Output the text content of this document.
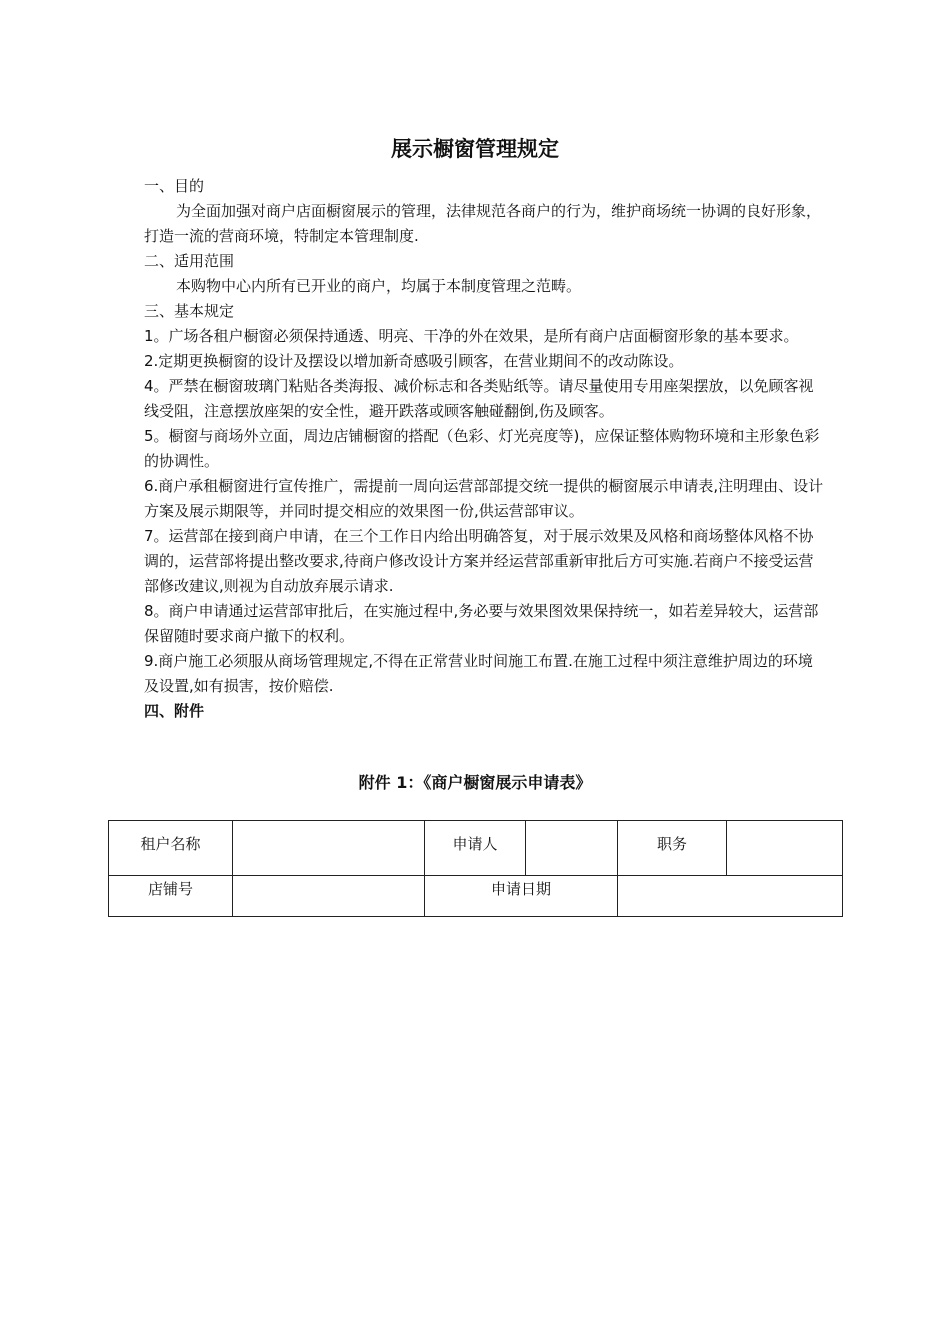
展示橱窗管理规定

一、目的

为全面加强对商户店面橱窗展示的管理，法律规范各商户的行为，维护商场统一协调的良好形象，打造一流的营商环境，特制定本管理制度.

二、适用范围

本购物中心内所有已开业的商户，均属于本制度管理之范畴。

三、基本规定

1。广场各租户橱窗必须保持通透、明亮、干净的外在效果，是所有商户店面橱窗形象的基本要求。

2.定期更换橱窗的设计及摆设以增加新奇感吸引顾客，在营业期间不的改动陈设。

4。严禁在橱窗玻璃门粘贴各类海报、减价标志和各类贴纸等。请尽量使用专用座架摆放，以免顾客视线受阻，注意摆放座架的安全性，避开跌落或顾客触碰翻倒,伤及顾客。

5。橱窗与商场外立面，周边店铺橱窗的搭配（色彩、灯光亮度等)，应保证整体购物环境和主形象色彩的协调性。

6.商户承租橱窗进行宣传推广，需提前一周向运营部部提交统一提供的橱窗展示申请表,注明理由、设计方案及展示期限等，并同时提交相应的效果图一份,供运营部审议。

7。运营部在接到商户申请，在三个工作日内给出明确答复，对于展示效果及风格和商场整体风格不协调的，运营部将提出整改要求,待商户修改设计方案并经运营部重新审批后方可实施.若商户不接受运营部修改建议,则视为自动放弃展示请求.

8。商户申请通过运营部审批后，在实施过程中,务必要与效果图效果保持统一，如若差异较大，运营部保留随时要求商户撤下的权利。

9.商户施工必须服从商场管理规定,不得在正常营业时间施工布置.在施工过程中须注意维护周边的环境及设置,如有损害，按价赔偿.

四、附件

附件 1：《商户橱窗展示申请表》
租户名称		申请人		职务	
店铺号		申请日期			
